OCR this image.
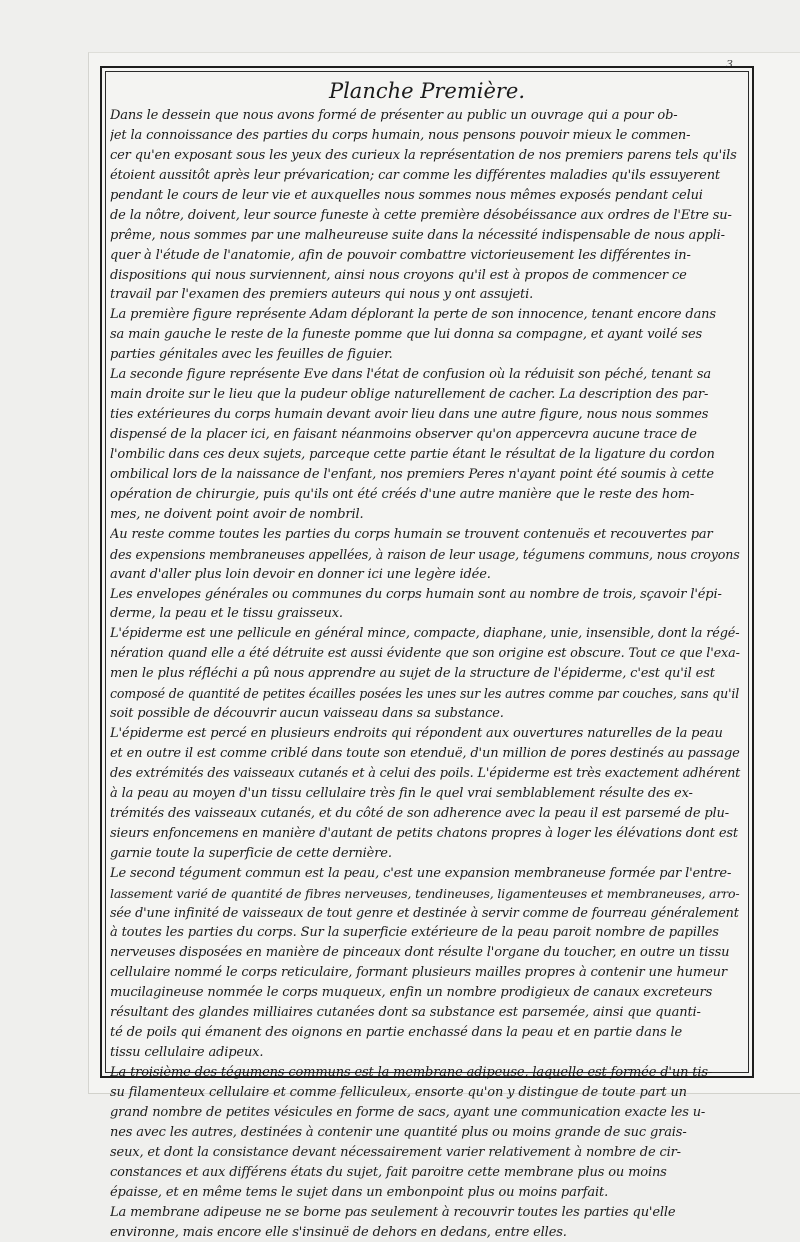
3
Planche Première.
Dans le dessein que nous avons formé de présenter au public un ouvrage qui a pour ob-
jet la connoissance des parties du corps humain, nous pensons pouvoir mieux le commen-
cer qu'en exposant sous les yeux des curieux la représentation de nos premiers parens tels qu'ils
étoient aussitôt après leur prévarication; car comme les différentes maladies qu'ils essuyerent
pendant le cours de leur vie et auxquelles nous sommes nous mêmes exposés pendant celui
de la nôtre, doivent, leur source funeste à cette première désobéissance aux ordres de l'Etre su-
prême, nous sommes par une malheureuse suite dans la nécessité indispensable de nous appli-
quer à l'étude de l'anatomie, afin de pouvoir combattre victorieusement les différentes in-
dispositions qui nous surviennent, ainsi nous croyons qu'il est à propos de commencer ce
travail par l'examen des premiers auteurs qui nous y ont assujeti.
La première figure représente Adam déplorant la perte de son innocence, tenant encore dans
sa main gauche le reste de la funeste pomme que lui donna sa compagne, et ayant voilé ses
parties génitales avec les feuilles de figuier.
La seconde figure représente Eve dans l'état de confusion où la réduisit son péché, tenant sa
main droite sur le lieu que la pudeur oblige naturellement de cacher. La description des par-
ties extérieures du corps humain devant avoir lieu dans une autre figure, nous nous sommes
dispensé de la placer ici, en faisant néanmoins observer qu'on appercevra aucune trace de
l'ombilic dans ces deux sujets, parceque cette partie étant le résultat de la ligature du cordon
ombilical lors de la naissance de l'enfant, nos premiers Peres n'ayant point été soumis à cette
opération de chirurgie, puis qu'ils ont été créés d'une autre manière que le reste des hom-
mes, ne doivent point avoir de nombril.
Au reste comme toutes les parties du corps humain se trouvent contenuës et recouvertes par
des expensions membraneuses appellées, à raison de leur usage, tégumens communs, nous croyons
avant d'aller plus loin devoir en donner ici une legère idée.
Les envelopes générales ou communes du corps humain sont au nombre de trois, sçavoir l'épi-
derme, la peau et le tissu graisseux.
L'épiderme est une pellicule en général mince, compacte, diaphane, unie, insensible, dont la régé-
nération quand elle a été détruite est aussi évidente que son origine est obscure. Tout ce que l'exa-
men le plus réfléchi a pû nous apprendre au sujet de la structure de l'épiderme, c'est qu'il est
composé de quantité de petites écailles posées les unes sur les autres comme par couches, sans qu'il
soit possible de découvrir aucun vaisseau dans sa substance.
L'épiderme est percé en plusieurs endroits qui répondent aux ouvertures naturelles de la peau
et en outre il est comme criblé dans toute son etenduë, d'un million de pores destinés au passage
des extrémités des vaisseaux cutanés et à celui des poils. L'épiderme est très exactement adhérent
à la peau au moyen d'un tissu cellulaire très fin le quel vrai semblablement résulte des ex-
trémités des vaisseaux cutanés, et du côté de son adherence avec la peau il est parsemé de plu-
sieurs enfoncemens en manière d'autant de petits chatons propres à loger les élévations dont est
garnie toute la superficie de cette dernière.
Le second tégument commun est la peau, c'est une expansion membraneuse formée par l'entre-
lassement varié de quantité de fibres nerveuses, tendineuses, ligamenteuses et membraneuses, arro-
sée d'une infinité de vaisseaux de tout genre et destinée à servir comme de fourreau généralement
à toutes les parties du corps. Sur la superficie extérieure de la peau paroit nombre de papilles
nerveuses disposées en manière de pinceaux dont résulte l'organe du toucher, en outre un tissu
cellulaire nommé le corps reticulaire, formant plusieurs mailles propres à contenir une humeur
mucilagineuse nommée le corps muqueux, enfin un nombre prodigieux de canaux excreteurs
résultant des glandes milliaires cutanées dont sa substance est parsemée, ainsi que quanti-
té de poils qui émanent des oignons en partie enchassé dans la peau et en partie dans le
tissu cellulaire adipeux.
La troisième des tégumens communs est la membrane adipeuse, laquelle est formée d'un tis-
su filamenteux cellulaire et comme felliculeux, ensorte qu'on y distingue de toute part un
grand nombre de petites vésicules en forme de sacs, ayant une communication exacte les u-
nes avec les autres, destinées à contenir une quantité plus ou moins grande de suc grais-
seux, et dont la consistance devant nécessairement varier relativement à nombre de cir-
constances et aux différens états du sujet, fait paroitre cette membrane plus ou moins
épaisse, et en même tems le sujet dans un embonpoint plus ou moins parfait.
La membrane adipeuse ne se borne pas seulement à recouvrir toutes les parties qu'elle
environne, mais encore elle s'insinuë de dehors en dedans, entre elles.
